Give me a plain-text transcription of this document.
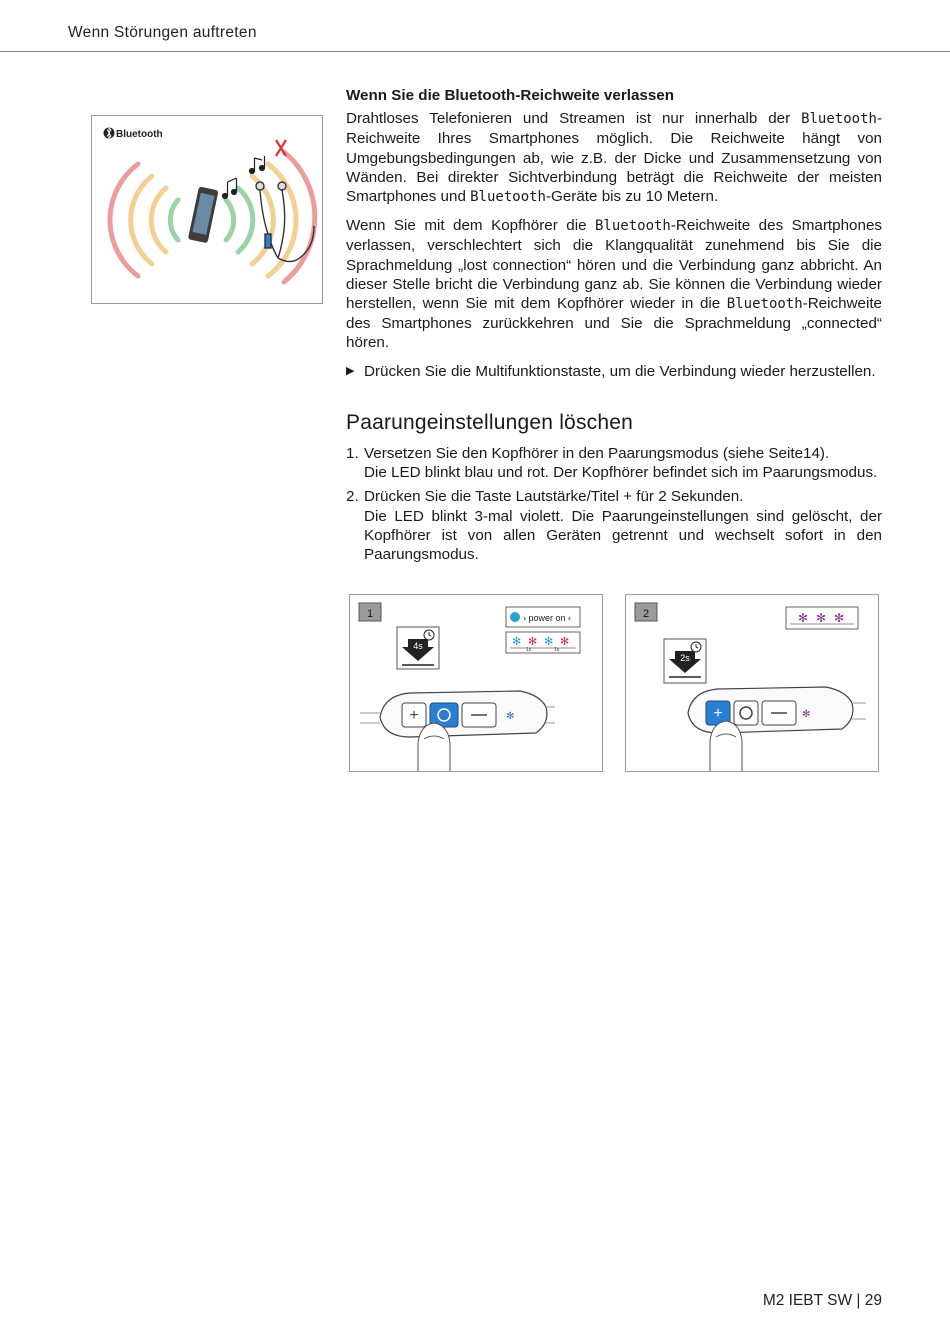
Wenn Störungen auftreten
Bluetooth
Wenn Sie die Bluetooth-Reichweite verlassen

Drahtloses Telefonieren und Streamen ist nur innerhalb der Bluetooth-Reichweite Ihres Smartphones möglich. Die Reichweite hängt von Umgebungsbedingungen ab, wie z.B. der Dicke und Zusammensetzung von Wänden. Bei direkter Sichtverbindung beträgt die Reichweite der meisten Smartphones und Bluetooth-Geräte bis zu 10 Metern.

Wenn Sie mit dem Kopfhörer die Bluetooth-Reichweite des Smartphones verlassen, verschlechtert sich die Klangqualität zunehmend bis Sie die Sprachmeldung „lost connection“ hören und die Verbindung ganz abbricht. An dieser Stelle bricht die Verbindung ganz ab. Sie können die Verbindung wieder herstellen, wenn Sie mit dem Kopfhörer wieder in die Bluetooth-Reichweite des Smartphones zurückkehren und Sie die Sprachmeldung „connected“ hören.

▶ Drücken Sie die Multifunktionstaste, um die Verbindung wieder herzustellen.
Paarungeinstellungen löschen
1. Versetzen Sie den Kopfhörer in den Paarungsmodus (siehe Seite14).
Die LED blinkt blau und rot. Der Kopfhörer befindet sich im Paarungsmodus.
2. Drücken Sie die Taste Lautstärke/Titel + für 2 Sekunden.
Die LED blinkt 3-mal violett. Die Paarungeinstellungen sind gelöscht, der Kopfhörer ist von allen Geräten getrennt und wechselt sofort in den Paarungsmodus.
1
4s
› power on ‹
✻ ✻ ✻ ✻
1s	1s
+	✻
2
2s
✻ ✻ ✻
+	✻
M2 IEBT SW | 29
